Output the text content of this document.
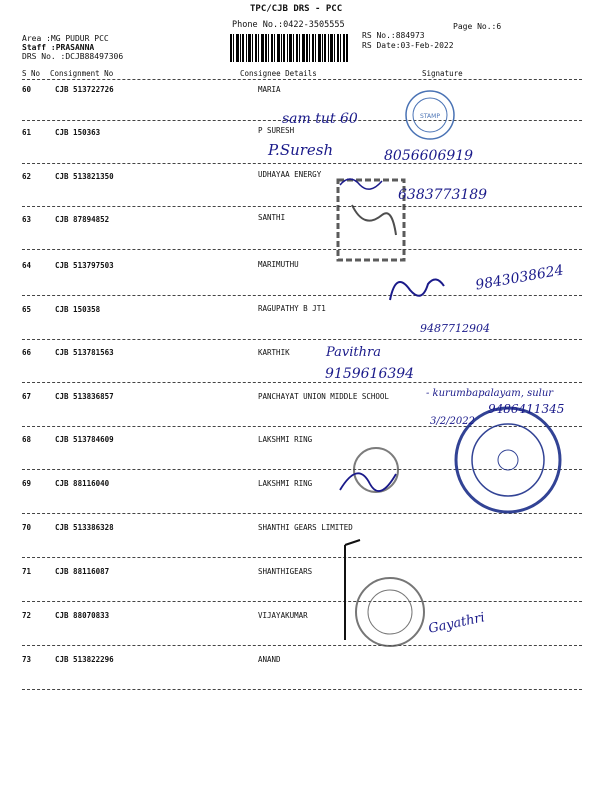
TPC/CJB DRS - PCC
Phone No.:0422-3505555
Area :MG PUDUR PCC
Staff :PRASANNA
DRS No. :DCJB88497306
RS No.:884973
RS Date:03-Feb-2022
Page No.:6
S No Consignment No	Consignee Details	Signature
60	CJB 513722726	MARIA
61	CJB 150363	P SURESH
62	CJB 513821350	UDHAYAA ENERGY
63	CJB 87894852	SANTHI
64	CJB 513797503	MARIMUTHU
65	CJB 150358	RAGUPATHY B JT1
66	CJB 513781563	KARTHIK
67	CJB 513836857	PANCHAYAT UNION MIDDLE SCHOOL
68	CJB 513784609	LAKSHMI RING
69	CJB 88116040	LAKSHMI RING
70	CJB 513386328	SHANTHI GEARS LIMITED
71	CJB 88116087	SHANTHIGEARS
72	CJB 88070833	VIJAYAKUMAR
73	CJB 513822296	ANAND
STAMP
sam tut 60
P.Suresh	8056606919
6383773189
9843038624
9487712904
Pavithra
9159616394
- kurumbapalayam, sulur
9486411345
3/2/2022
Gayathri
